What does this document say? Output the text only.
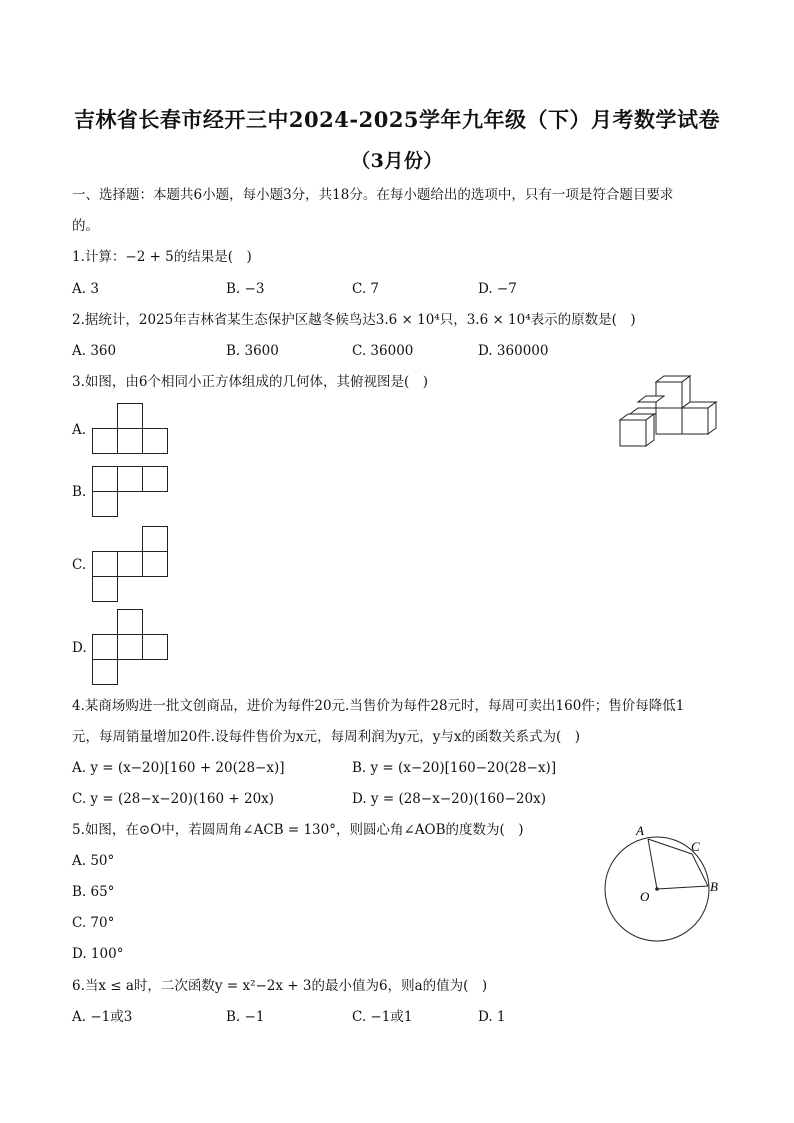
吉林省长春市经开三中2024-2025学年九年级（下）月考数学试卷
（3月份）
一、选择题：本题共6小题，每小题3分，共18分。在每小题给出的选项中，只有一项是符合题目要求
的。
1.计算：−2 + 5的结果是(　)
A. 3	B. −3	C. 7	D. −7
2.据统计，2025年吉林省某生态保护区越冬候鸟达3.6 × 10⁴只，3.6 × 10⁴表示的原数是(　)
A. 360	B. 3600	C. 36000	D. 360000
3.如图，由6个相同小正方体组成的几何体，其俯视图是(　)
A.
B.
C.
D.
4.某商场购进一批文创商品，进价为每件20元.当售价为每件28元时，每周可卖出160件；售价每降低1
元，每周销量增加20件.设每件售价为x元，每周利润为y元，y与x的函数关系式为(　)
A. y = (x−20)[160 + 20(28−x)]	B. y = (x−20)[160−20(28−x)]
C. y = (28−x−20)(160 + 20x)	D. y = (28−x−20)(160−20x)
5.如图，在⊙O中，若圆周角∠ACB = 130°，则圆心角∠AOB的度数为(　)
A. 50°
B. 65°
C. 70°
D. 100°
A
C
B
O
6.当x ≤ a时，二次函数y = x²−2x + 3的最小值为6，则a的值为(　)
A. −1或3	B. −1	C. −1或1	D. 1
